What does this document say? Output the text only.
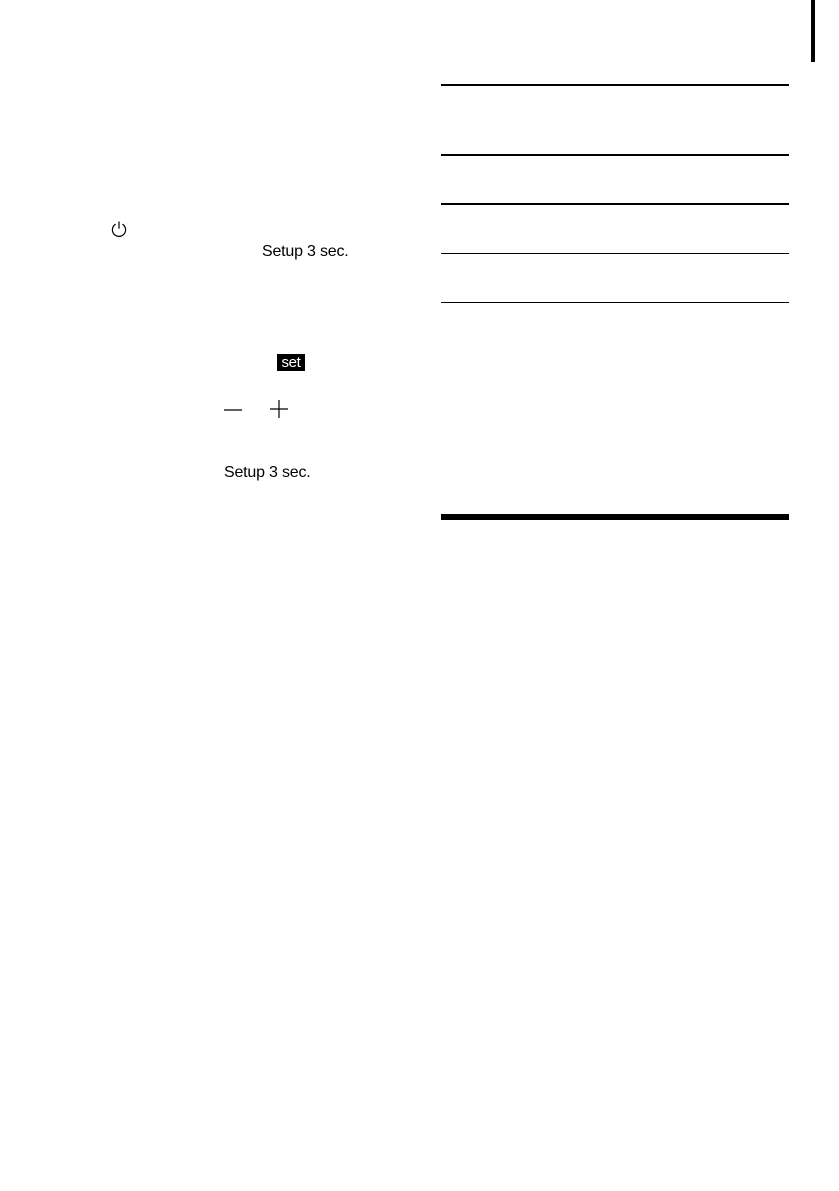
Setup 3 sec.
set
Setup 3 sec.
